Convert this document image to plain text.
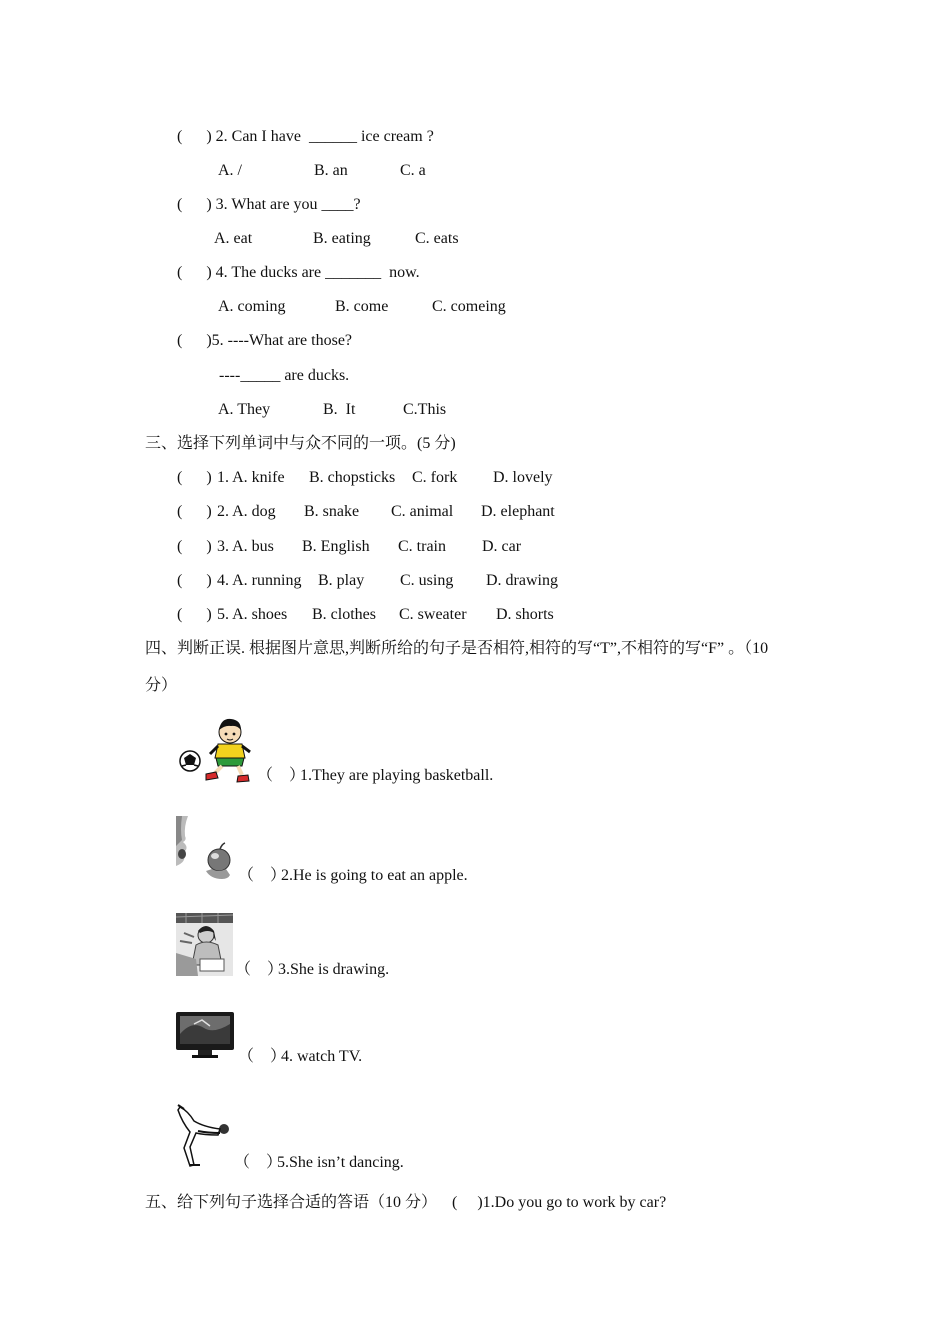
(      ) 2. Can I have  ______ ice cream ?
A. /	B. an	C. a
(      ) 3. What are you ____?
A. eat	B. eating	C. eats
(      ) 4. The ducks are _______  now.
A. coming	B. come	C. comeing
(      )5. ----What are those?
----_____ are ducks.
A. They	B.  It	C.This
三、选择下列单词中与众不同的一项。(5 分)
(      ) 1. A. knife B. chopsticks C. fork D. lovely
(      ) 2. A. dog B. snake C. animal D. elephant
(      ) 3. A. bus B. English C. train D. car
(      ) 4. A. running B. play C. using D. drawing
(      ) 5. A. shoes B. clothes C. sweater D. shorts
四、判断正误. 根据图片意思,判断所给的句子是否相符,相符的写“T”,不相符的写“F” 。（10
分）
（    ）
1.They are playing basketball.
（    ）
2.He is going to eat an apple.
（    ）
3.She is drawing.
（    ）
4. watch TV.
（    ）
5.She isn’t dancing.
五、给下列句子选择合适的答语（10 分） (     )1.Do you go to work by car?
